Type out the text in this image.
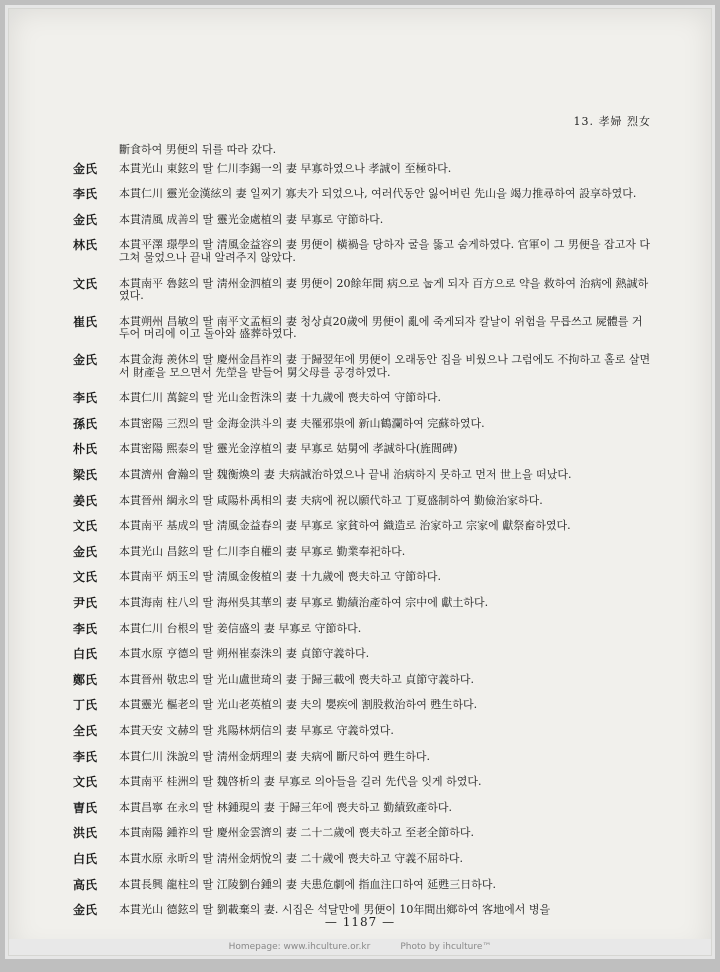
13. 孝婦 烈女
斷食하여 男便의 뒤를 따라 갔다.
金氏	本貫光山 東鉉의 딸 仁川李錫一의 妻 早寡하였으나 孝誠이 至極하다.
李氏	本貫仁川 靈光金漢絃의 妻 일찌기 寡夫가 되었으나, 여러代동안 잃어버린 先山을 竭力推尋하여 設享하였다.
金氏	本貫清風 成善의 딸 靈光金處植의 妻 早寡로 守節하다.
林氏	本貫平澤 璟學의 딸 清風金益容의 妻 男便이 橫禍을 당하자 굴을 뚫고 숨게하였다. 官軍이 그 男便을 잡고자 다그쳐 물었으나 끝내 알려주지 않았다.
文氏	本貫南平 魯鉉의 딸 淸州金泗植의 妻 男便이 20餘年間 病으로 눕게 되자 百方으로 약을 救하여 治病에 熱誠하였다.
崔氏	本貫朔州 昌敏의 딸 南平文孟桓의 妻 청상貞20歲에 男便이 亂에 죽게되자 칼날이 위험을 무릅쓰고 屍體를 거두어 머리에 이고 돌아와 盛葬하였다.
金氏	本貫金海 羨休의 딸 慶州金昌祚의 妻 于歸翌年에 男便이 오래동안 집을 비웠으나 그럼에도 不拘하고 홀로 살면서 財產을 모으면서 先塋을 받들어 舅父母를 공경하였다.
李氏	本貫仁川 萬錠의 딸 光山金哲洙의 妻 十九歲에 喪夫하여 守節하다.
孫氏	本貫密陽 三烈의 딸 金海金洪斗의 妻 夫罹邪祟에 新山鶴瀾하여 完蘇하였다.
朴氏	本貫密陽 熙泰의 딸 靈光金淳植의 妻 早寡로 姑舅에 孝誠하다(旌閭碑)
梁氏	本貫濟州 會瀚의 딸 魏衡煥의 妻 夫病誠治하였으나 끝내 治病하지 못하고 먼저 世上을 떠났다.
姜氏	本貫晉州 綱永의 딸 咸陽朴禹相의 妻 夫病에 祝以願代하고 丁夏盛制하여 勤儉治家하다.
文氏	本貫南平 基成의 딸 淸風金益春의 妻 早寡로 家貧하여 織造로 治家하고 宗家에 獻祭畜하였다.
金氏	本貫光山 昌鉉의 딸 仁川李自權의 妻 早寡로 勤業奉祀하다.
文氏	本貫南平 炳玉의 딸 淸風金俊植의 妻 十九歲에 喪夫하고 守節하다.
尹氏	本貫海南 柱八의 딸 海州吳其華의 妻 早寡로 勤績治產하여 宗中에 獻土하다.
李氏	本貫仁川 台根의 딸 姜信盛의 妻 早寡로 守節하다.
白氏	本貫水原 亨德의 딸 朔州崔泰洙의 妻 貞節守義하다.
鄭氏	本貫晉州 敬忠의 딸 光山盧世琦의 妻 于歸三載에 喪夫하고 貞節守義하다.
丁氏	本貫靈光 樞老의 딸 光山老英植의 妻 夫의 嬰疾에 割股救治하여 甦生하다.
全氏	本貫天安 文赫의 딸 兆陽林炳信의 妻 早寡로 守義하였다.
李氏	本貫仁川 洙說의 딸 淸州金炳理의 妻 夫病에 斷尺하여 甦生하다.
文氏	本貫南平 桂洲의 딸 魏啓析의 妻 早寡로 의아들을 길러 先代을 잇게 하였다.
曺氏	本貫昌寧 在永의 딸 林鍾現의 妻 于歸三年에 喪夫하고 勤績致產하다.
洪氏	本貫南陽 鍾祚의 딸 慶州金雲濟의 妻 二十二歲에 喪夫하고 至老全節하다.
白氏	本貫水原 永昕의 딸 淸州金炳悅의 妻 二十歲에 喪夫하고 守義不屈하다.
高氏	本貫長興 龍柱의 딸 江陵劉台鍾의 妻 夫患危劇에 指血注口하여 延甦三日하다.
金氏	本貫光山 德鉉의 딸 劉載棄의 妻. 시집은 석달만에 男便이 10年間出鄉하여 客地에서 병을
— 1187 —
Homepage: www.ihculture.or.kr	Photo by ihculture™
